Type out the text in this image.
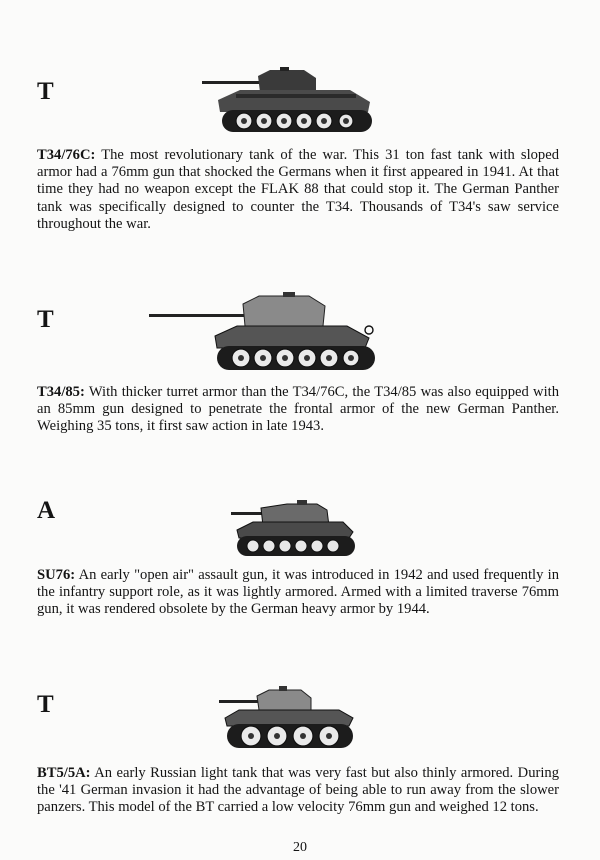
T
T34/76C: The most revolutionary tank of the war. This 31 ton fast tank with sloped armor had a 76mm gun that shocked the Germans when it first appeared in 1941. At that time they had no weapon except the FLAK 88 that could stop it. The German Panther tank was specifically designed to counter the T34. Thousands of T34's saw service throughout the war.
T
T34/85: With thicker turret armor than the T34/76C, the T34/85 was also equipped with an 85mm gun designed to penetrate the frontal armor of the new German Panther. Weighing 35 tons, it first saw action in late 1943.
A
SU76: An early "open air" assault gun, it was introduced in 1942 and used frequently in the infantry support role, as it was lightly armored. Armed with a limited traverse 76mm gun, it was rendered obsolete by the German heavy armor by 1944.
T
BT5/5A: An early Russian light tank that was very fast but also thinly armored. During the '41 German invasion it had the advantage of being able to run away from the slower panzers. This model of the BT carried a low velocity 76mm gun and weighed 12 tons.
20
